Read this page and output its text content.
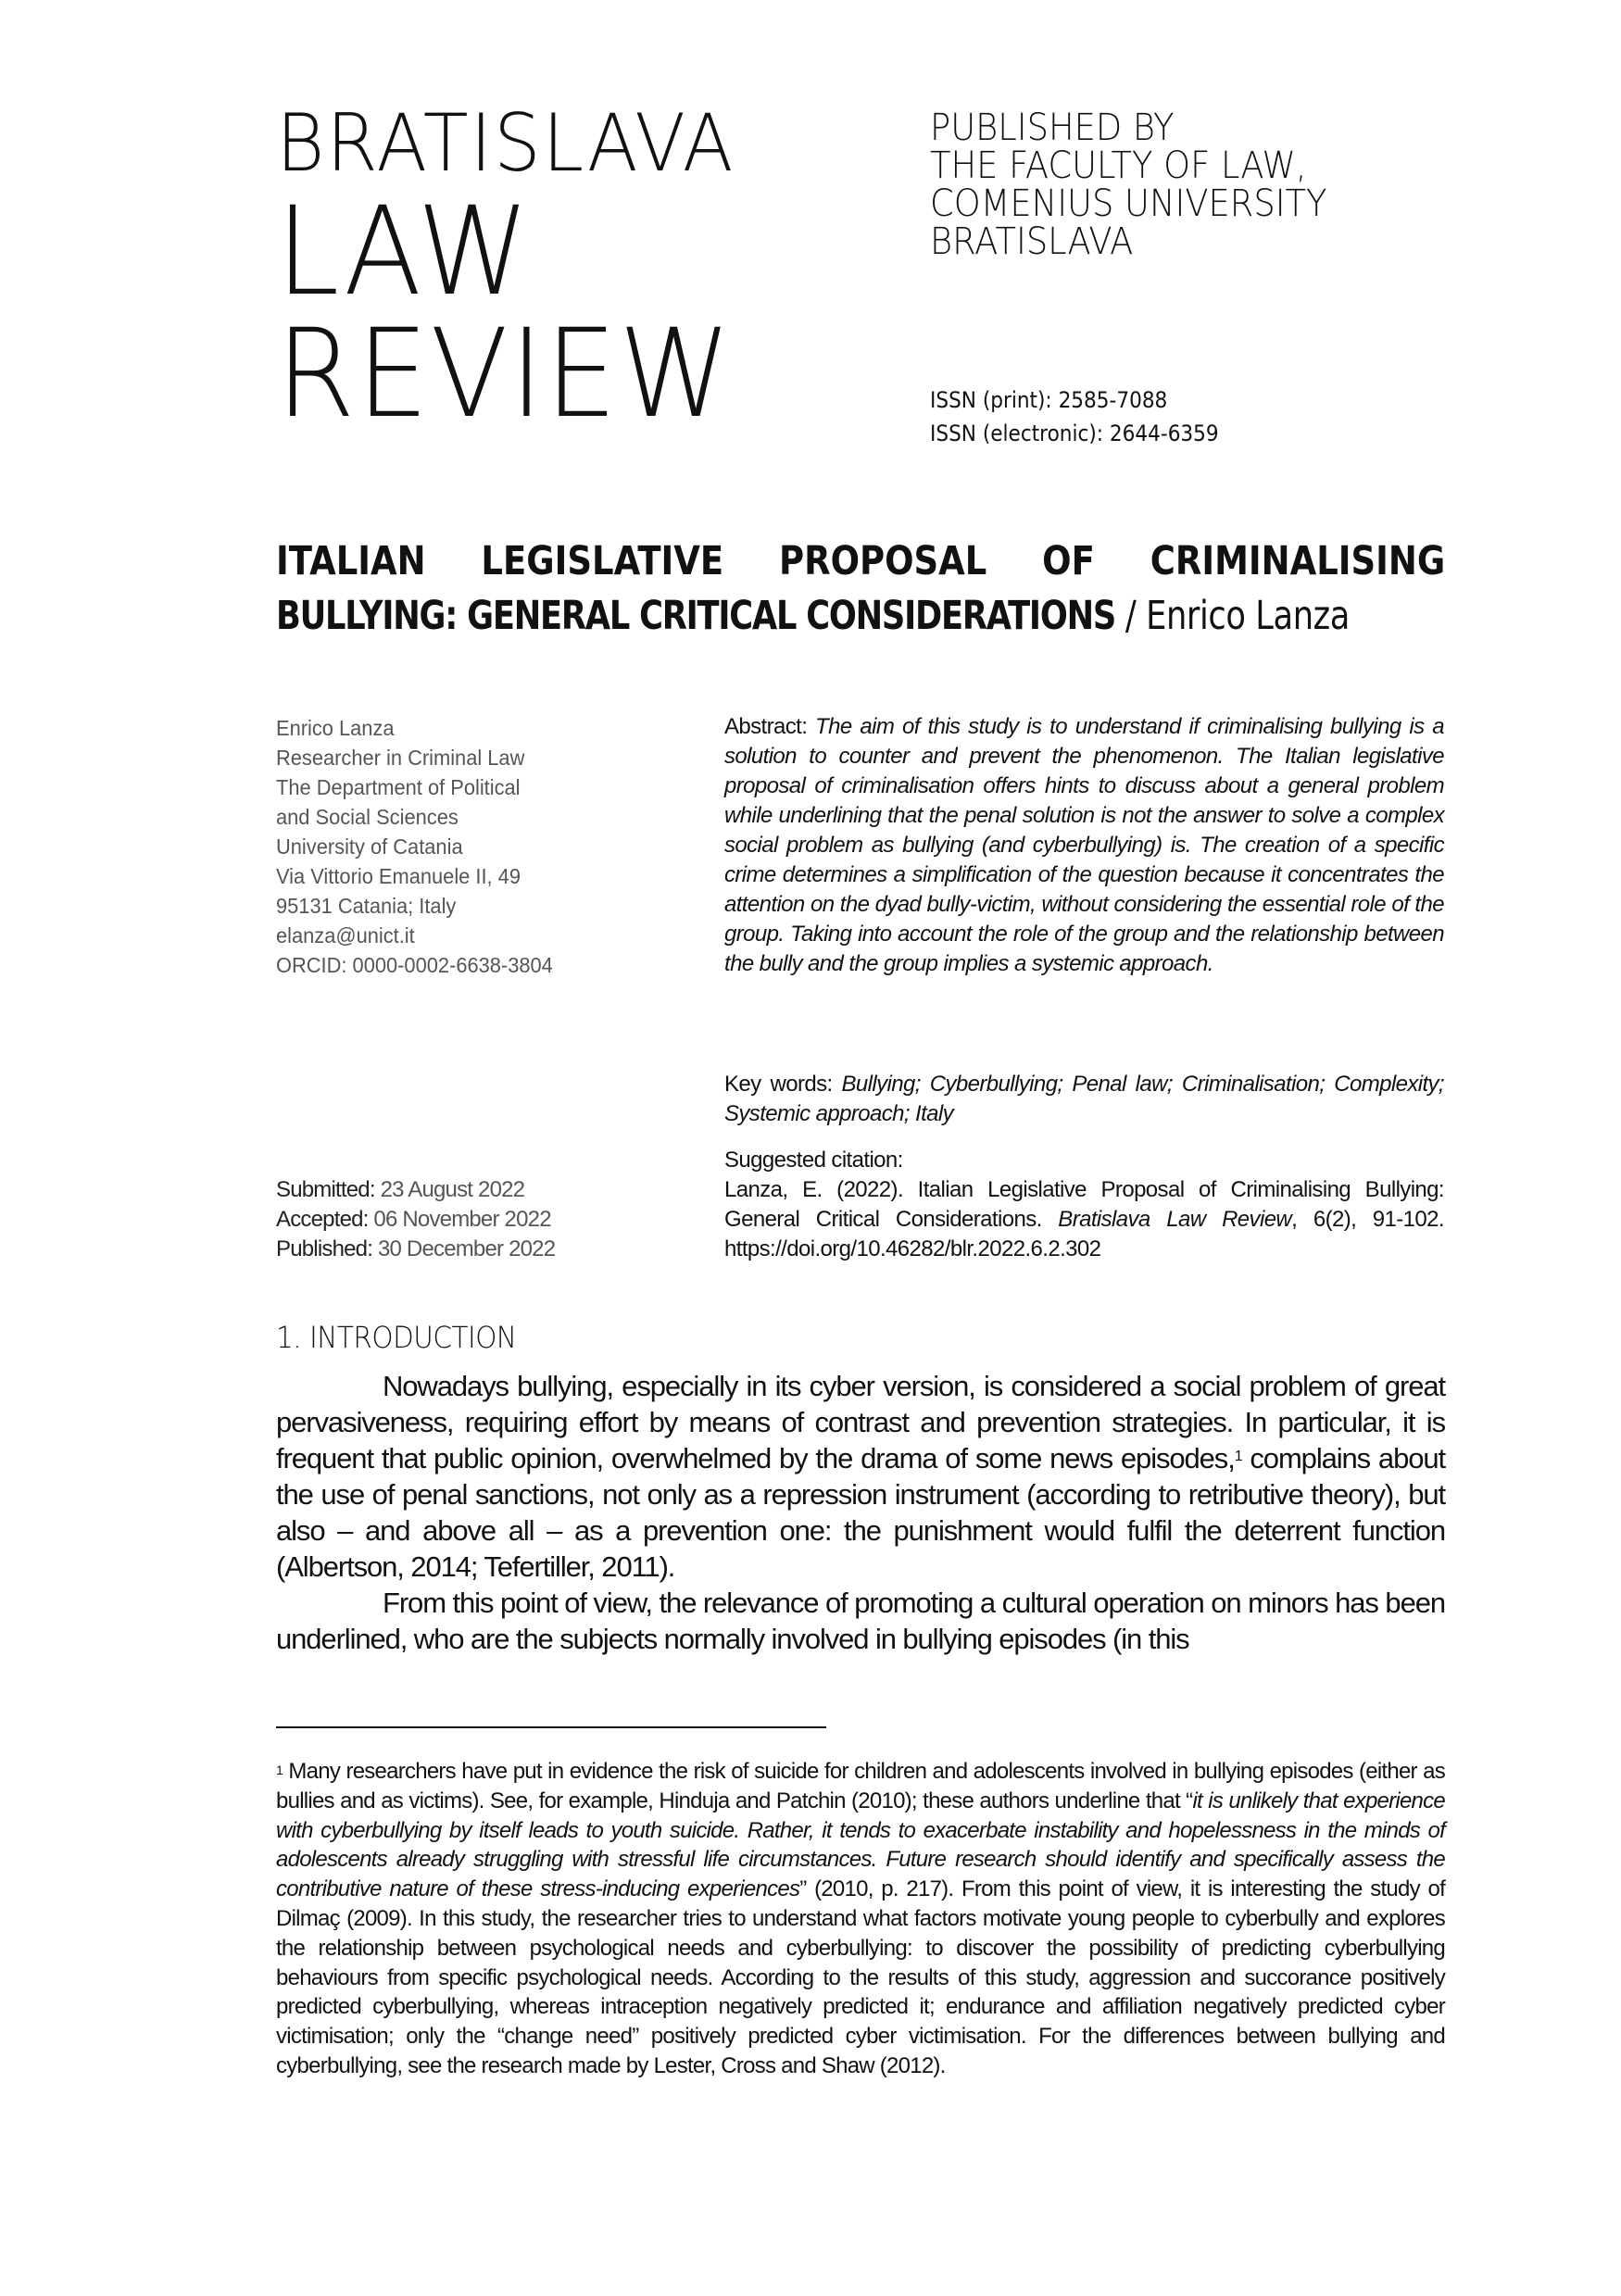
BRATISLAVA
LAW
REVIEW
PUBLISHED BY
THE FACULTY OF LAW,
COMENIUS UNIVERSITY
BRATISLAVA
ISSN (print): 2585-7088
ISSN (electronic): 2644-6359
ITALIAN LEGISLATIVE PROPOSAL OF CRIMINALISING
BULLYING: GENERAL CRITICAL CONSIDERATIONS / Enrico Lanza
Enrico Lanza
Researcher in Criminal Law
The Department of Political
and Social Sciences
University of Catania
Via Vittorio Emanuele II, 49
95131 Catania; Italy
elanza@unict.it
ORCID: 0000-0002-6638-3804
Abstract: The aim of this study is to understand if criminalising bullying is a solution to counter and prevent the phenomenon. The Italian legislative proposal of criminalisation offers hints to discuss about a general problem while underlining that the penal solution is not the answer to solve a complex social problem as bullying (and cyberbullying) is. The creation of a specific crime determines a simplification of the question because it concentrates the attention on the dyad bully-victim, without considering the essential role of the group. Taking into account the role of the group and the relationship between the bully and the group implies a systemic approach.
Key words: Bullying; Cyberbullying; Penal law; Criminalisation; Complexity; Systemic approach; Italy
Suggested citation:
Lanza, E. (2022). Italian Legislative Proposal of Criminalising Bullying: General Critical Considerations. Bratislava Law Review, 6(2), 91-102. https://doi.org/10.46282/blr.2022.6.2.302
Submitted: 23 August 2022
Accepted: 06 November 2022
Published: 30 December 2022
1. INTRODUCTION

Nowadays bullying, especially in its cyber version, is considered a social problem of great pervasiveness, requiring effort by means of contrast and prevention strategies. In particular, it is frequent that public opinion, overwhelmed by the drama of some news episodes,$^1$ complains about the use of penal sanctions, not only as a repression instrument (according to retributive theory), but also – and above all – as a prevention one: the punishment would fulfil the deterrent function (Albertson, 2014; Tefertiller, 2011).

From this point of view, the relevance of promoting a cultural operation on minors has been underlined, who are the subjects normally involved in bullying episodes (in this

$^1$ Many researchers have put in evidence the risk of suicide for children and adolescents involved in bullying episodes (either as bullies and as victims). See, for example, Hinduja and Patchin (2010); these authors underline that “it is unlikely that experience with cyberbullying by itself leads to youth suicide. Rather, it tends to exacerbate instability and hopelessness in the minds of adolescents already struggling with stressful life circumstances. Future research should identify and specifically assess the contributive nature of these stress-inducing experiences” (2010, p. 217). From this point of view, it is interesting the study of Dilmaç (2009). In this study, the researcher tries to understand what factors motivate young people to cyberbully and explores the relationship between psychological needs and cyberbullying: to discover the possibility of predicting cyberbullying behaviours from specific psychological needs. According to the results of this study, aggression and succorance positively predicted cyberbullying, whereas intraception negatively predicted it; endurance and affiliation negatively predicted cyber victimisation; only the “change need” positively predicted cyber victimisation. For the differences between bullying and cyberbullying, see the research made by Lester, Cross and Shaw (2012).
